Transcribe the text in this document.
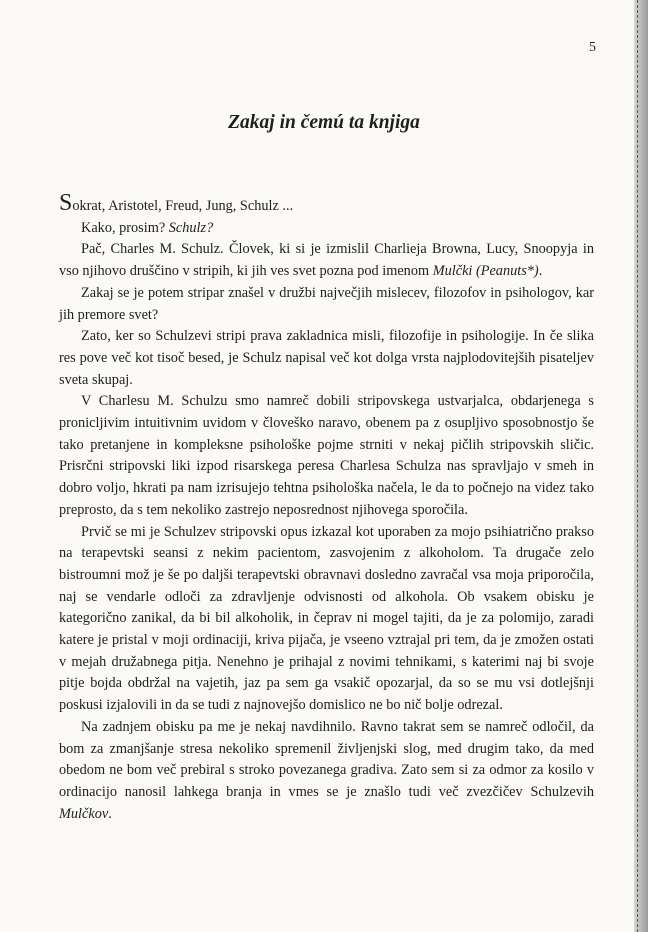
5
Zakaj in čemú ta knjiga

Sokrat, Aristotel, Freud, Jung, Schulz ...

Kako, prosim? Schulz?

Pač, Charles M. Schulz. Človek, ki si je izmislil Charlieja Browna, Lucy, Snoopyja in vso njihovo druščino v stripih, ki jih ves svet pozna pod imenom Mulčki (Peanuts*).

Zakaj se je potem stripar znašel v družbi največjih mislecev, filozofov in psihologov, kar jih premore svet?

Zato, ker so Schulzevi stripi prava zakladnica misli, filozofije in psihologije. In če slika res pove več kot tisoč besed, je Schulz napisal več kot dolga vrsta najplodovitejših pisateljev sveta skupaj.

V Charlesu M. Schulzu smo namreč dobili stripovskega ustvarjalca, obdarjenega s pronicljivim intuitivnim uvidom v človeško naravo, obenem pa z osupljivo sposobnostjo še tako pretanjene in kompleksne psihološke pojme strniti v nekaj pičlih stripovskih sličic. Prisrčni stripovski liki izpod risarskega peresa Charlesa Schulza nas spravljajo v smeh in dobro voljo, hkrati pa nam izrisujejo tehtna psihološka načela, le da to počnejo na videz tako preprosto, da s tem nekoliko zastrejo neposrednost njihovega sporočila.

Prvič se mi je Schulzev stripovski opus izkazal kot uporaben za mojo psihiatrično prakso na terapevtski seansi z nekim pacientom, zasvojenim z alkoholom. Ta drugače zelo bistroumni mož je še po daljši terapevtski obravnavi dosledno zavračal vsa moja priporočila, naj se vendarle odloči za zdravljenje odvisnosti od alkohola. Ob vsakem obisku je kategorično zanikal, da bi bil alkoholik, in čeprav ni mogel tajiti, da je za polomijo, zaradi katere je pristal v moji ordinaciji, kriva pijača, je vseeno vztrajal pri tem, da je zmožen ostati v mejah družabnega pitja. Nenehno je prihajal z novimi tehnikami, s katerimi naj bi svoje pitje bojda obdržal na vajetih, jaz pa sem ga vsakič opozarjal, da so se mu vsi dotlejšnji poskusi izjalovili in da se tudi z najnovejšo domislico ne bo nič bolje odrezal.

Na zadnjem obisku pa me je nekaj navdihnilo. Ravno takrat sem se namreč odločil, da bom za zmanjšanje stresa nekoliko spremenil življenjski slog, med drugim tako, da med obedom ne bom več prebiral s stroko povezanega gradiva. Zato sem si za odmor za kosilo v ordinacijo nanosil lahkega branja in vmes se je znašlo tudi več zvezčičev Schulzevih Mulčkov.
